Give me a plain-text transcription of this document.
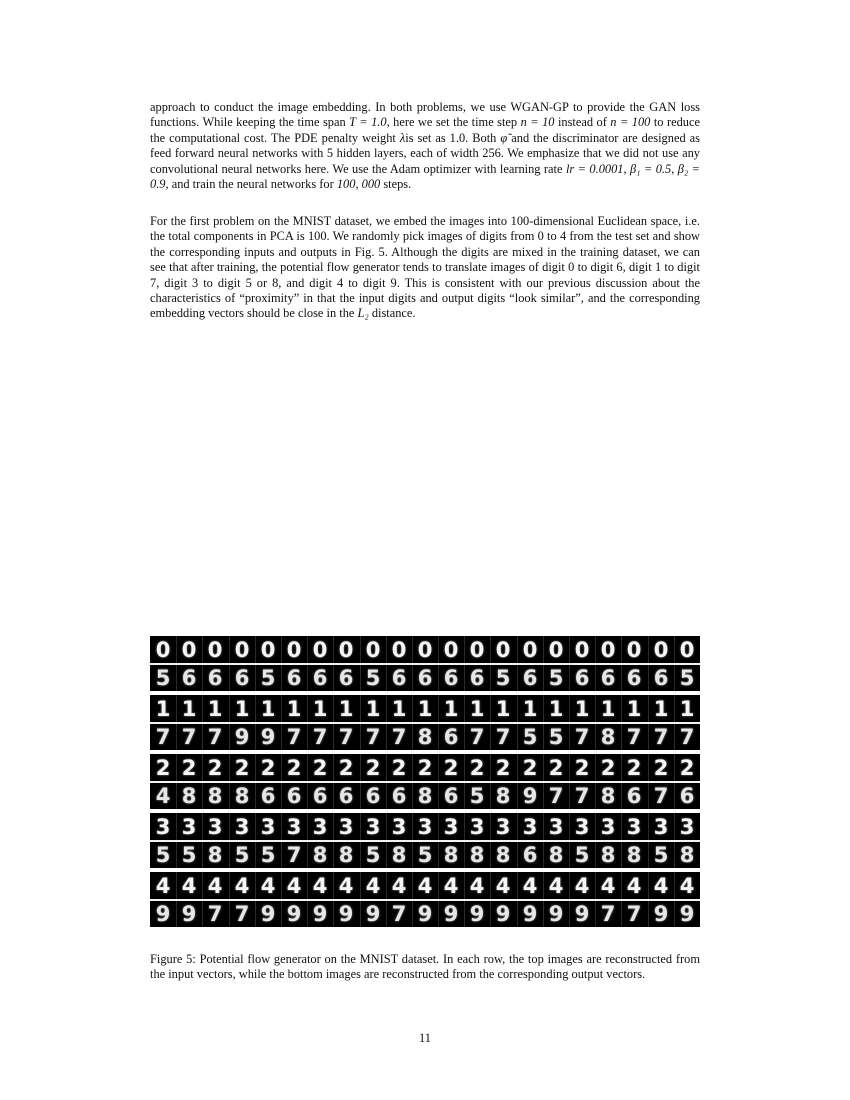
approach to conduct the image embedding. In both problems, we use WGAN-GP to provide the GAN loss functions. While keeping the time span T = 1.0, here we set the time step n = 10 instead of n = 100 to reduce the computational cost. The PDE penalty weight λis set as 1.0. Both φ̃ and the discriminator are designed as feed forward neural networks with 5 hidden layers, each of width 256. We emphasize that we did not use any convolutional neural networks here. We use the Adam optimizer with learning rate lr = 0.0001, β₁ = 0.5, β₂ = 0.9, and train the neural networks for 100, 000 steps.

For the first problem on the MNIST dataset, we embed the images into 100-dimensional Euclidean space, i.e. the total components in PCA is 100. We randomly pick images of digits from 0 to 4 from the test set and show the corresponding inputs and outputs in Fig. 5. Although the digits are mixed in the training dataset, we can see that after training, the potential flow generator tends to translate images of digit 0 to digit 6, digit 1 to digit 7, digit 3 to digit 5 or 8, and digit 4 to digit 9. This is consistent with our previous discussion about the characteristics of “proximity” in that the input digits and output digits “look similar”, and the corresponding embedding vectors should be close in the L₂ distance.

0 0 0 0 0 0 0 0 0 0 0 0 0 0 0 0 0 0 0 0 0
5 6 6 6 5 6 6 6 5 6 6 6 6 5 6 5 6 6 6 6 5
1 1 1 1 1 1 1 1 1 1 1 1 1 1 1 1 1 1 1 1 1
7 7 7 9 9 7 7 7 7 7 8 6 7 7 5 5 7 8 7 7 7
2 2 2 2 2 2 2 2 2 2 2 2 2 2 2 2 2 2 2 2 2
4 8 8 8 6 6 6 6 6 6 8 6 5 8 9 7 7 8 6 7 6
3 3 3 3 3 3 3 3 3 3 3 3 3 3 3 3 3 3 3 3 3
5 5 8 5 5 7 8 8 5 8 5 8 8 8 6 8 5 8 8 5 8
4 4 4 4 4 4 4 4 4 4 4 4 4 4 4 4 4 4 4 4 4
9 9 7 7 9 9 9 9 9 7 9 9 9 9 9 9 9 7 7 9 9

Figure 5: Potential flow generator on the MNIST dataset. In each row, the top images are reconstructed from the input vectors, while the bottom images are reconstructed from the corresponding output vectors.

11
